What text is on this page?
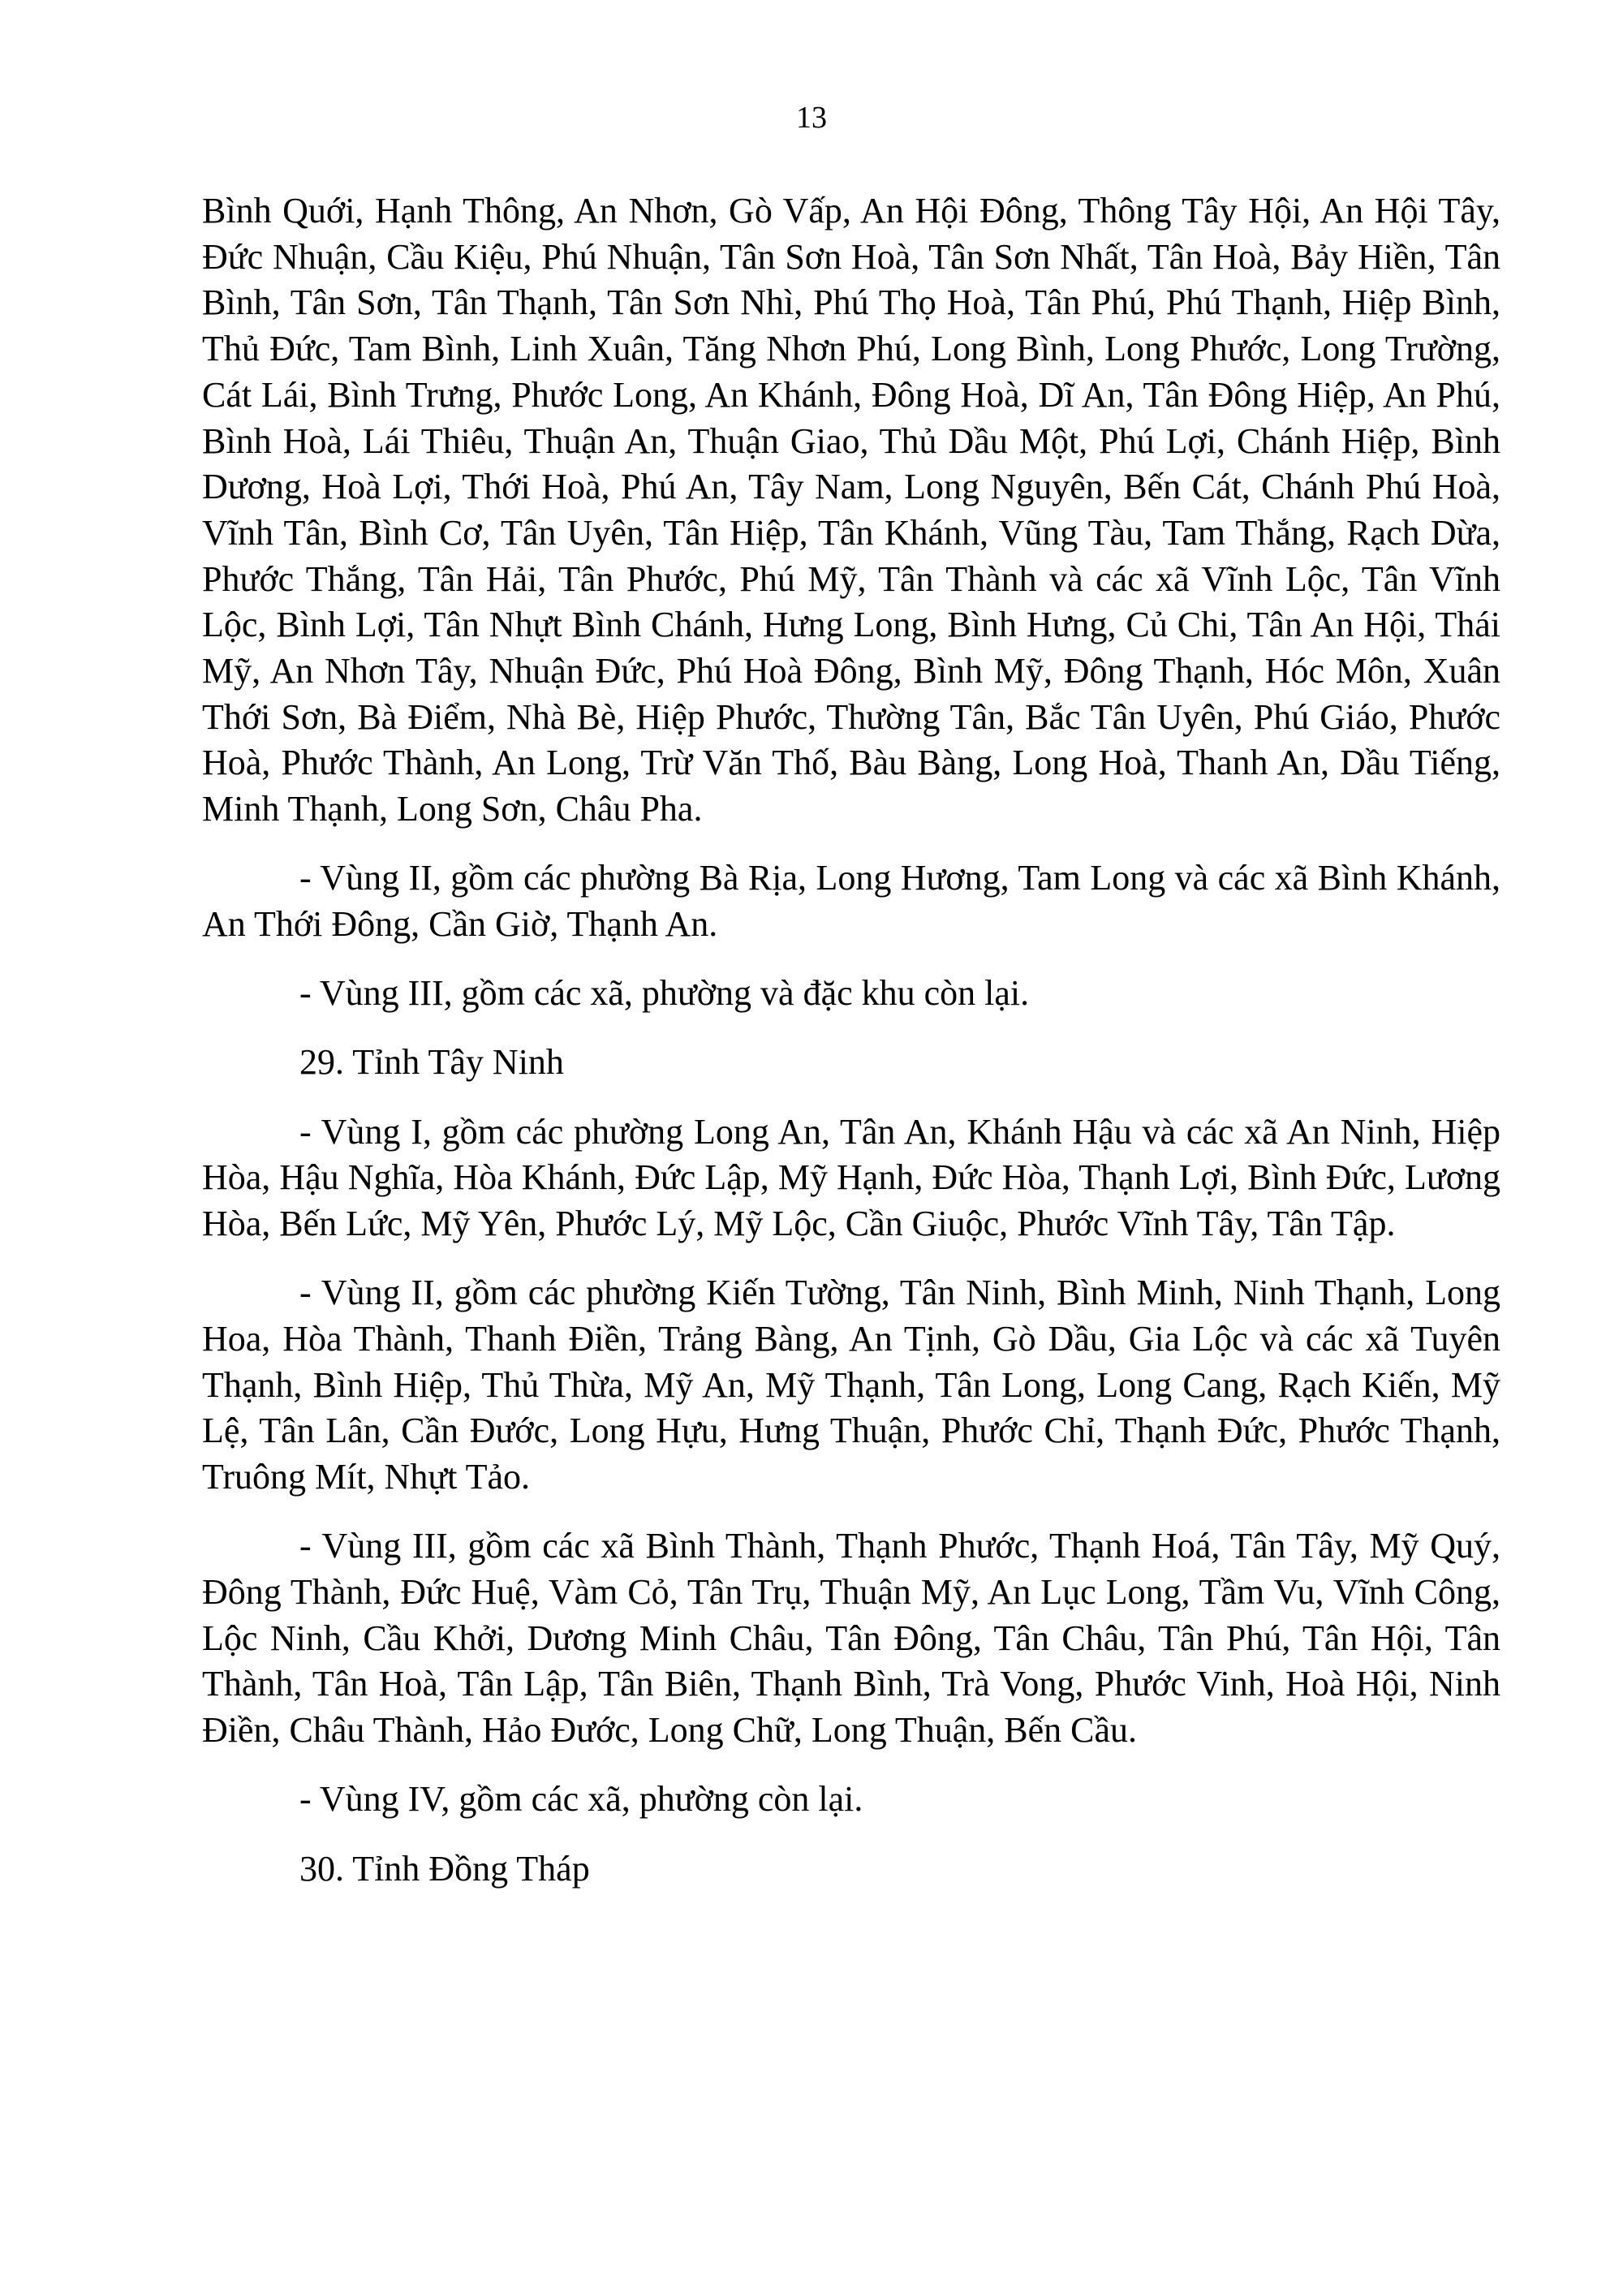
13

Bình Quới, Hạnh Thông, An Nhơn, Gò Vấp, An Hội Đông, Thông Tây Hội, An Hội Tây, Đức Nhuận, Cầu Kiệu, Phú Nhuận, Tân Sơn Hoà, Tân Sơn Nhất, Tân Hoà, Bảy Hiền, Tân Bình, Tân Sơn, Tân Thạnh, Tân Sơn Nhì, Phú Thọ Hoà, Tân Phú, Phú Thạnh, Hiệp Bình, Thủ Đức, Tam Bình, Linh Xuân, Tăng Nhơn Phú, Long Bình, Long Phước, Long Trường, Cát Lái, Bình Trưng, Phước Long, An Khánh, Đông Hoà, Dĩ An, Tân Đông Hiệp, An Phú, Bình Hoà, Lái Thiêu, Thuận An, Thuận Giao, Thủ Dầu Một, Phú Lợi, Chánh Hiệp, Bình Dương, Hoà Lợi, Thới Hoà, Phú An, Tây Nam, Long Nguyên, Bến Cát, Chánh Phú Hoà, Vĩnh Tân, Bình Cơ, Tân Uyên, Tân Hiệp, Tân Khánh, Vũng Tàu, Tam Thắng, Rạch Dừa, Phước Thắng, Tân Hải, Tân Phước, Phú Mỹ, Tân Thành và các xã Vĩnh Lộc, Tân Vĩnh Lộc, Bình Lợi, Tân Nhựt Bình Chánh, Hưng Long, Bình Hưng, Củ Chi, Tân An Hội, Thái Mỹ, An Nhơn Tây, Nhuận Đức, Phú Hoà Đông, Bình Mỹ, Đông Thạnh, Hóc Môn, Xuân Thới Sơn, Bà Điểm, Nhà Bè, Hiệp Phước, Thường Tân, Bắc Tân Uyên, Phú Giáo, Phước Hoà, Phước Thành, An Long, Trừ Văn Thố, Bàu Bàng, Long Hoà, Thanh An, Dầu Tiếng, Minh Thạnh, Long Sơn, Châu Pha.

- Vùng II, gồm các phường Bà Rịa, Long Hương, Tam Long và các xã Bình Khánh, An Thới Đông, Cần Giờ, Thạnh An.

- Vùng III, gồm các xã, phường và đặc khu còn lại.

29. Tỉnh Tây Ninh

- Vùng I, gồm các phường Long An, Tân An, Khánh Hậu và các xã An Ninh, Hiệp Hòa, Hậu Nghĩa, Hòa Khánh, Đức Lập, Mỹ Hạnh, Đức Hòa, Thạnh Lợi, Bình Đức, Lương Hòa, Bến Lức, Mỹ Yên, Phước Lý, Mỹ Lộc, Cần Giuộc, Phước Vĩnh Tây, Tân Tập.

- Vùng II, gồm các phường Kiến Tường, Tân Ninh, Bình Minh, Ninh Thạnh, Long Hoa, Hòa Thành, Thanh Điền, Trảng Bàng, An Tịnh, Gò Dầu, Gia Lộc và các xã Tuyên Thạnh, Bình Hiệp, Thủ Thừa, Mỹ An, Mỹ Thạnh, Tân Long, Long Cang, Rạch Kiến, Mỹ Lệ, Tân Lân, Cần Đước, Long Hựu, Hưng Thuận, Phước Chỉ, Thạnh Đức, Phước Thạnh, Truông Mít, Nhựt Tảo.

- Vùng III, gồm các xã Bình Thành, Thạnh Phước, Thạnh Hoá, Tân Tây, Mỹ Quý, Đông Thành, Đức Huệ, Vàm Cỏ, Tân Trụ, Thuận Mỹ, An Lục Long, Tầm Vu, Vĩnh Công, Lộc Ninh, Cầu Khởi, Dương Minh Châu, Tân Đông, Tân Châu, Tân Phú, Tân Hội, Tân Thành, Tân Hoà, Tân Lập, Tân Biên, Thạnh Bình, Trà Vong, Phước Vinh, Hoà Hội, Ninh Điền, Châu Thành, Hảo Đước, Long Chữ, Long Thuận, Bến Cầu.

- Vùng IV, gồm các xã, phường còn lại.

30. Tỉnh Đồng Tháp
